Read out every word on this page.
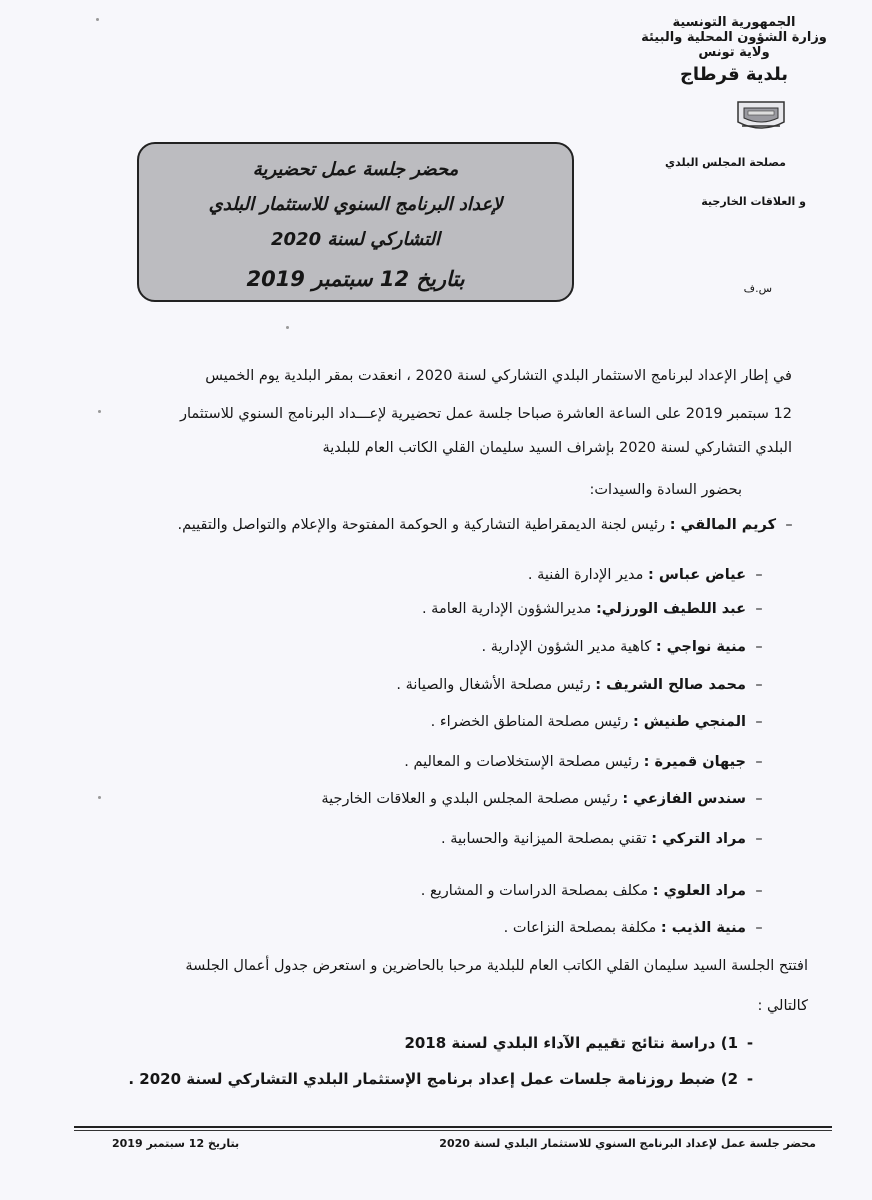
الجمهورية التونسية
وزارة الشؤون المحلية والبيئة
ولاية تونس
بلدية قرطاج
مصلحة المجلس البلدي
و العلاقات الخارجية
س.ف
محضر جلسة عمل تحضيرية
لإعداد البرنامج السنوي للاستثمار البلدي
التشاركي لسنة 2020
بتاريخ 12 سبتمبر 2019
في إطار الإعداد لبرنامج الاستثمار البلدي التشاركي لسنة 2020 ، انعقدت بمقر البلدية يوم الخميس
12 سبتمبر 2019 على الساعة العاشرة صباحا جلسة عمل تحضيرية لإعـــداد البرنامج السنوي للاستثمار
البلدي التشاركي لسنة 2020 بإشراف السيد سليمان القلي الكاتب العام للبلدية
بحضور السادة والسيدات:
–كريم المالقي : رئيس لجنة الديمقراطية التشاركية و الحوكمة المفتوحة والإعلام والتواصل والتقييم.
–عياض عباس : مدير الإدارة الفنية .
–عبد اللطيف الورزلي: مديرالشؤون الإدارية العامة .
–منية نواجي : كاهية مدير الشؤون الإدارية .
–محمد صالح الشريف : رئيس مصلحة الأشغال والصيانة .
–المنجي طنيش : رئيس مصلحة المناطق الخضراء .
–جيهان قميرة : رئيس مصلحة الإستخلاصات و المعاليم .
–سندس الفازعي : رئيس مصلحة المجلس البلدي و العلاقات الخارجية
–مراد التركي : تقني بمصلحة الميزانية والحسابية .
–مراد العلوي : مكلف بمصلحة الدراسات و المشاريع .
–منية الذيب : مكلفة بمصلحة النزاعات .
افتتح الجلسة السيد سليمان القلي الكاتب العام للبلدية مرحبا بالحاضرين و استعرض جدول أعمال الجلسة
كالتالي :
-1) دراسة نتائج تقييم الآداء البلدي لسنة 2018
-2) ضبط روزنامة جلسات عمل إعداد برنامج الإستثمار البلدي التشاركي لسنة 2020 .
محضر جلسة عمل لإعداد البرنامج السنوي للاستثمار البلدي لسنة 2020
بتاريخ 12 سبتمبر 2019
